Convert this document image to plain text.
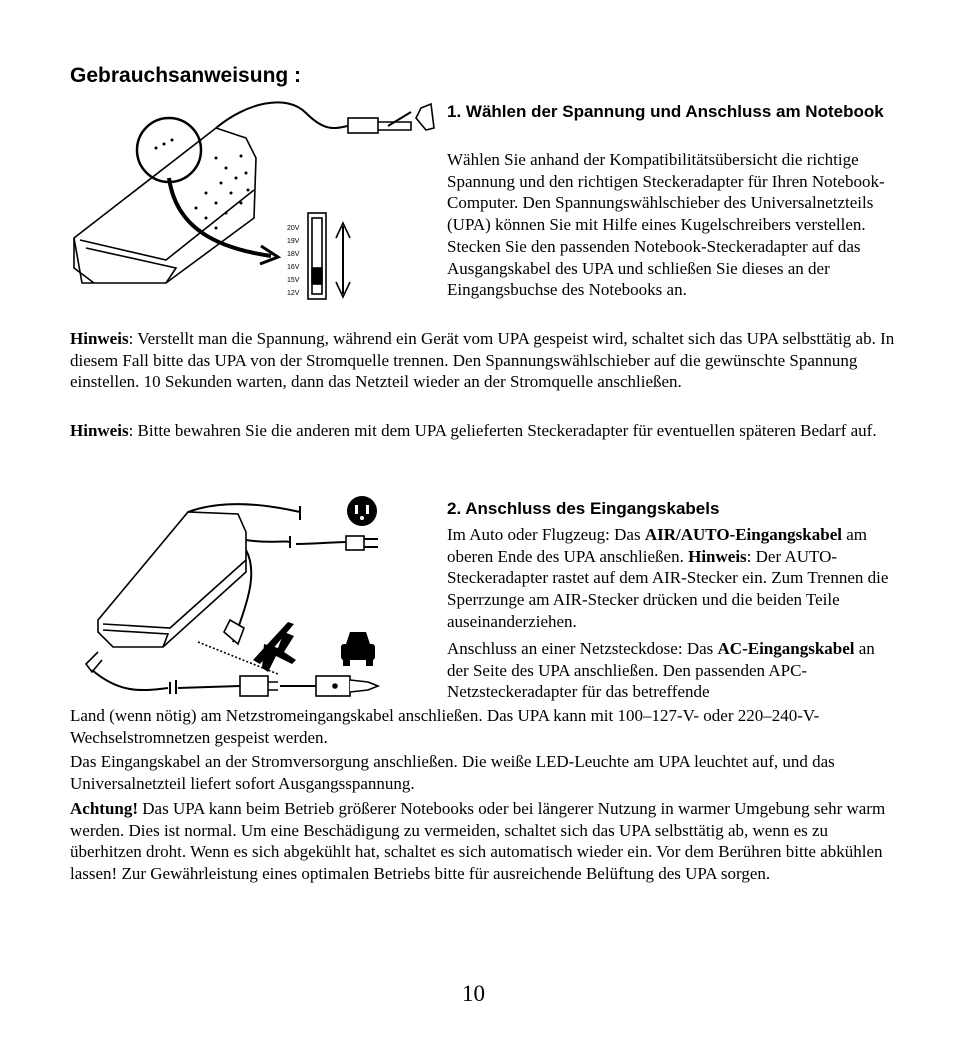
Gebrauchsanweisung :
20V
19V
18V
16V
15V
12V
1. Wählen der Spannung und Anschluss am Notebook
Wählen Sie anhand der Kompatibilitätsübersicht die richtige Spannung und den richtigen Steckeradapter für Ihren Notebook-Computer. Den Spannungswählschieber des Universalnetzteils (UPA) können Sie mit Hilfe eines Kugelschreibers verstellen. Stecken Sie den passenden Notebook-Steckeradapter auf das Ausgangskabel des UPA und schließen Sie dieses an der Eingangsbuchse des Notebooks an.
Hinweis: Verstellt man die Spannung, während ein Gerät vom UPA gespeist wird, schaltet sich das UPA selbsttätig ab. In diesem Fall bitte das UPA von der Stromquelle trennen. Den Spannungswählschieber auf die gewünschte Spannung einstellen. 10 Sekunden warten, dann das Netzteil wieder an der Stromquelle anschließen.
Hinweis: Bitte bewahren Sie die anderen mit dem UPA gelieferten Steckeradapter für eventuellen späteren Bedarf auf.
2. Anschluss des Eingangskabels
Im Auto oder Flugzeug: Das AIR/AUTO-Eingangskabel am oberen Ende des UPA anschließen. Hinweis: Der AUTO-Steckeradapter rastet auf dem AIR-Stecker ein. Zum Trennen die Sperrzunge am AIR-Stecker drücken und die beiden Teile auseinanderziehen.
Anschluss an einer Netzsteckdose: Das AC-Eingangskabel an der Seite des UPA anschließen. Den passenden APC-Netzsteckeradapter für das betreffende
Land (wenn nötig) am Netzstromeingangskabel anschließen. Das UPA kann mit 100–127-V- oder 220–240-V-Wechselstromnetzen gespeist werden.
Das Eingangskabel an der Stromversorgung anschließen. Die weiße LED-Leuchte am UPA leuchtet auf, und das Universalnetzteil liefert sofort Ausgangsspannung.
Achtung! Das UPA kann beim Betrieb größerer Notebooks oder bei längerer Nutzung in warmer Umgebung sehr warm werden. Dies ist normal. Um eine Beschädigung zu vermeiden, schaltet sich das UPA selbsttätig ab, wenn es zu überhitzen droht. Wenn es sich abgekühlt hat, schaltet es sich automatisch wieder ein. Vor dem Berühren bitte abkühlen lassen! Zur Gewährleistung eines optimalen Betriebs bitte für ausreichende Belüftung des UPA sorgen.
10
